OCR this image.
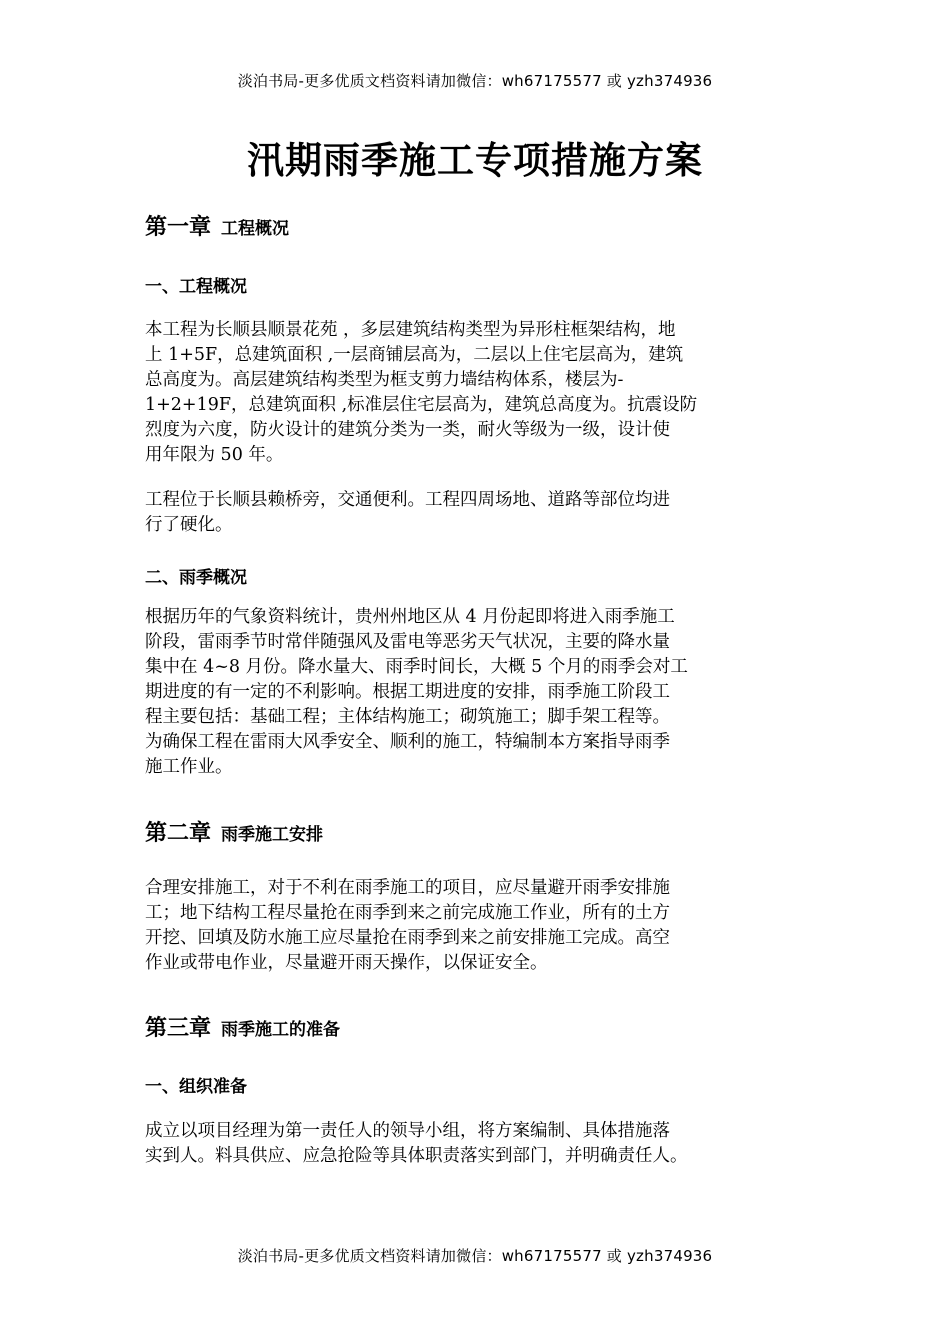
淡泊书局-更多优质文档资料请加微信：wh67175577 或 yzh374936
汛期雨季施工专项措施方案
第一章 工程概况
一、工程概况
本工程为长顺县顺景花苑 ，多层建筑结构类型为异形柱框架结构，地
上 1+5F，总建筑面积 ,一层商铺层高为，二层以上住宅层高为，建筑
总高度为。高层建筑结构类型为框支剪力墙结构体系，楼层为-
1+2+19F，总建筑面积 ,标准层住宅层高为，建筑总高度为。抗震设防
烈度为六度，防火设计的建筑分类为一类，耐火等级为一级，设计使
用年限为 50 年。
工程位于长顺县赖桥旁，交通便利。工程四周场地、道路等部位均进
行了硬化。
二、雨季概况
根据历年的气象资料统计，贵州州地区从 4 月份起即将进入雨季施工
阶段，雷雨季节时常伴随强风及雷电等恶劣天气状况，主要的降水量
集中在 4~8 月份。降水量大、雨季时间长，大概 5 个月的雨季会对工
期进度的有一定的不利影响。根据工期进度的安排，雨季施工阶段工
程主要包括：基础工程；主体结构施工；砌筑施工；脚手架工程等。
为确保工程在雷雨大风季安全、顺利的施工，特编制本方案指导雨季
施工作业。
第二章 雨季施工安排
合理安排施工，对于不利在雨季施工的项目，应尽量避开雨季安排施
工；地下结构工程尽量抢在雨季到来之前完成施工作业，所有的土方
开挖、回填及防水施工应尽量抢在雨季到来之前安排施工完成。高空
作业或带电作业，尽量避开雨天操作，以保证安全。
第三章 雨季施工的准备
一、组织准备
成立以项目经理为第一责任人的领导小组，将方案编制、具体措施落
实到人。料具供应、应急抢险等具体职责落实到部门，并明确责任人。
淡泊书局-更多优质文档资料请加微信：wh67175577 或 yzh374936
